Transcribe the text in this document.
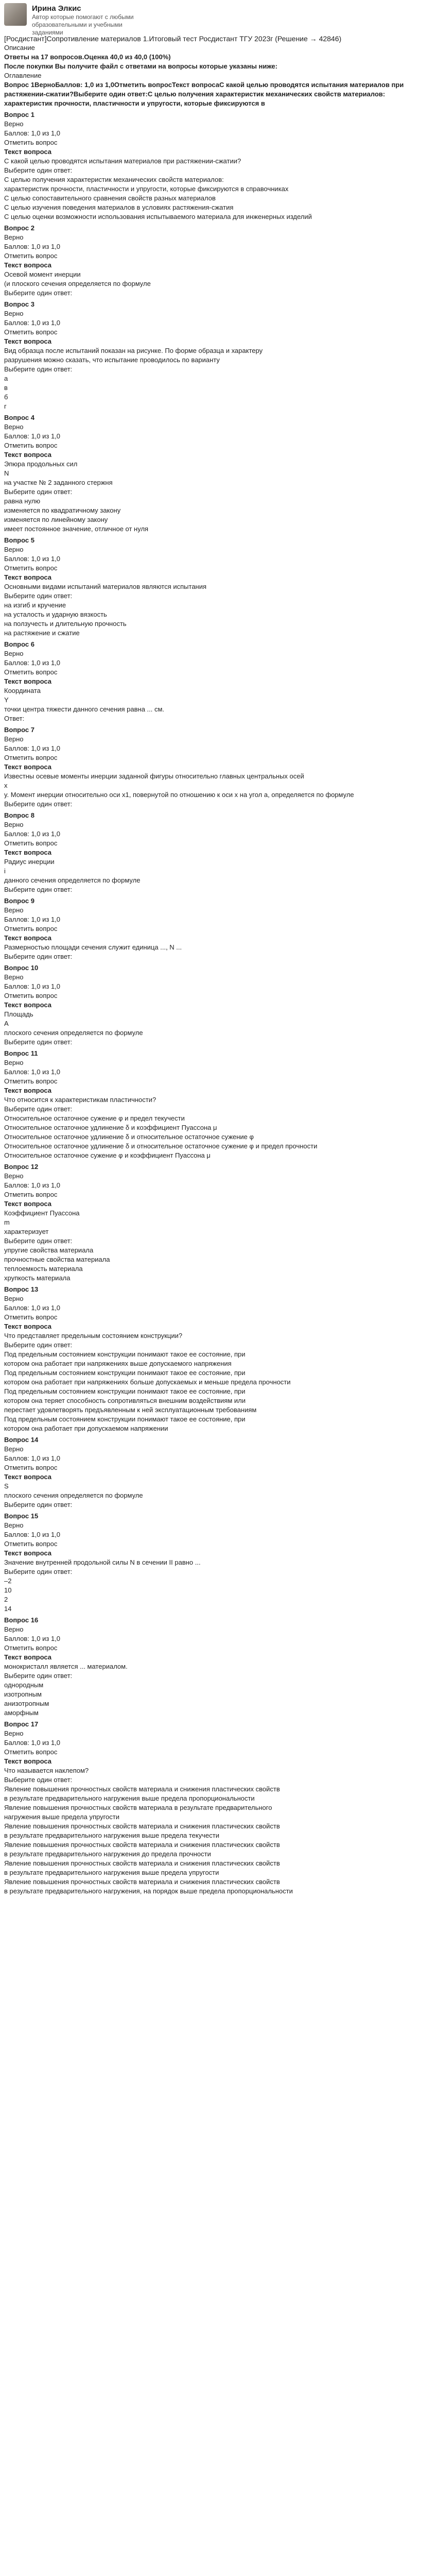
Ирина Элкис
Автор которые помогают с любыми образовательными и учебными заданиями
[Росдистант]Сопротивление материалов 1.Итоговый тест Росдистант ТГУ 2023г (Решение → 42846)
Описание
Ответы на 17 вопросов.Оценка 40,0 из 40,0 (100%)
После покупки Вы получите файл с ответами на вопросы которые указаны ниже:
Оглавление
Вопрос 1ВерноБаллов: 1,0 из 1,0Отметить вопросТекст вопросаС какой целью проводятся испытания материалов при растяжении-сжатии?Выберите один ответ:С целью получения характеристик механических свойств материалов: характеристик прочности, пластичности и упругости, которые фиксируются в
Вопрос 1
Верно
Баллов: 1,0 из 1,0
Отметить вопрос
Текст вопроса
С какой целью проводятся испытания материалов при растяжении-сжатии?
Выберите один ответ:
С целью получения характеристик механических свойств материалов:
характеристик прочности, пластичности и упругости, которые фиксируются в справочниках
С целью сопоставительного сравнения свойств разных материалов
С целью изучения поведения материалов в условиях растяжения-сжатия
С целью оценки возможности использования испытываемого материала для инженерных изделий
Вопрос 2
Верно
Баллов: 1,0 из 1,0
Отметить вопрос
Текст вопроса
Осевой момент инерции
(и плоского сечения определяется по формуле
Выберите один ответ:
Вопрос 3
Верно
Баллов: 1,0 из 1,0
Отметить вопрос
Текст вопроса
Вид образца после испытаний показан на рисунке. По форме образца и характеру
разрушения можно сказать, что испытание проводилось по варианту
Выберите один ответ:
а
в
б
г
Вопрос 4
Верно
Баллов: 1,0 из 1,0
Отметить вопрос
Текст вопроса
Эпюра продольных сил
N
на участке № 2 заданного стержня
Выберите один ответ:
равна нулю
изменяется по квадратичному закону
изменяется по линейному закону
имеет постоянное значение, отличное от нуля
Вопрос 5
Верно
Баллов: 1,0 из 1,0
Отметить вопрос
Текст вопроса
Основными видами испытаний материалов являются испытания
Выберите один ответ:
на изгиб и кручение
на усталость и ударную вязкость
на ползучесть и длительную прочность
на растяжение и сжатие
Вопрос 6
Верно
Баллов: 1,0 из 1,0
Отметить вопрос
Текст вопроса
Координата
Y
точки центра тяжести данного сечения равна ... см.
Ответ:
Вопрос 7
Верно
Баллов: 1,0 из 1,0
Отметить вопрос
Текст вопроса
Известны осевые моменты инерции заданной фигуры относительно главных центральных осей
x
y. Момент инерции относительно оси x1, повернутой по отношению к оси x на угол а, определяется по формуле
Выберите один ответ:
Вопрос 8
Верно
Баллов: 1,0 из 1,0
Отметить вопрос
Текст вопроса
Радиус инерции
i
данного сечения определяется по формуле
Выберите один ответ:
Вопрос 9
Верно
Баллов: 1,0 из 1,0
Отметить вопрос
Текст вопроса
Размерностью площади сечения служит единица ..., N ...
Выберите один ответ:
Вопрос 10
Верно
Баллов: 1,0 из 1,0
Отметить вопрос
Текст вопроса
Площадь
A
плоского сечения определяется по формуле
Выберите один ответ:
Вопрос 11
Верно
Баллов: 1,0 из 1,0
Отметить вопрос
Текст вопроса
Что относится к характеристикам пластичности?
Выберите один ответ:
Относительное остаточное сужение φ и предел текучести
Относительное остаточное удлинение δ и коэффициент Пуассона μ
Относительное остаточное удлинение δ и относительное остаточное сужение φ
Относительное остаточное удлинение δ и относительное остаточное сужение φ и предел прочности
Относительное остаточное сужение φ и коэффициент Пуассона μ
Вопрос 12
Верно
Баллов: 1,0 из 1,0
Отметить вопрос
Текст вопроса
Коэффициент Пуассона
m
характеризует
Выберите один ответ:
упругие свойства материала
прочностные свойства материала
теплоемкость материала
хрупкость материала
Вопрос 13
Верно
Баллов: 1,0 из 1,0
Отметить вопрос
Текст вопроса
Что представляет предельным состоянием конструкции?
Выберите один ответ:
Под предельным состоянием конструкции понимают такое ее состояние, при
котором она работает при напряжениях выше допускаемого напряжения
Под предельным состоянием конструкции понимают такое ее состояние, при
котором она работает при напряжениях больше допускаемых и меньше предела прочности
Под предельным состоянием конструкции понимают такое ее состояние, при
котором она теряет способность сопротивляться внешним воздействиям или
перестает удовлетворять предъявленным к ней эксплуатационным требованиям
Под предельным состоянием конструкции понимают такое ее состояние, при
котором она работает при допускаемом напряжении
Вопрос 14
Верно
Баллов: 1,0 из 1,0
Отметить вопрос
Текст вопроса
S
плоского сечения определяется по формуле
Выберите один ответ:
Вопрос 15
Верно
Баллов: 1,0 из 1,0
Отметить вопрос
Текст вопроса
Значение внутренней продольной силы N в сечении II равно ...
Выберите один ответ:
–2
10
2
14
Вопрос 16
Верно
Баллов: 1,0 из 1,0
Отметить вопрос
Текст вопроса
монокристалл является ... материалом.
Выберите один ответ:
однородным
изотропным
анизотропным
аморфным
Вопрос 17
Верно
Баллов: 1,0 из 1,0
Отметить вопрос
Текст вопроса
Что называется наклепом?
Выберите один ответ:
Явление повышения прочностных свойств материала и снижения пластических свойств
в результате предварительного нагружения выше предела пропорциональности
Явление повышения прочностных свойств материала в результате предварительного
нагружения выше предела упругости
Явление повышения прочностных свойств материала и снижения пластических свойств
в результате предварительного нагружения выше предела текучести
Явление повышения прочностных свойств материала и снижения пластических свойств
в результате предварительного нагружения до предела прочности
Явление повышения прочностных свойств материала и снижения пластических свойств
в результате предварительного нагружения выше предела упругости
Явление повышения прочностных свойств материала и снижения пластических свойств
в результате предварительного нагружения, на порядок выше предела пропорциональности
